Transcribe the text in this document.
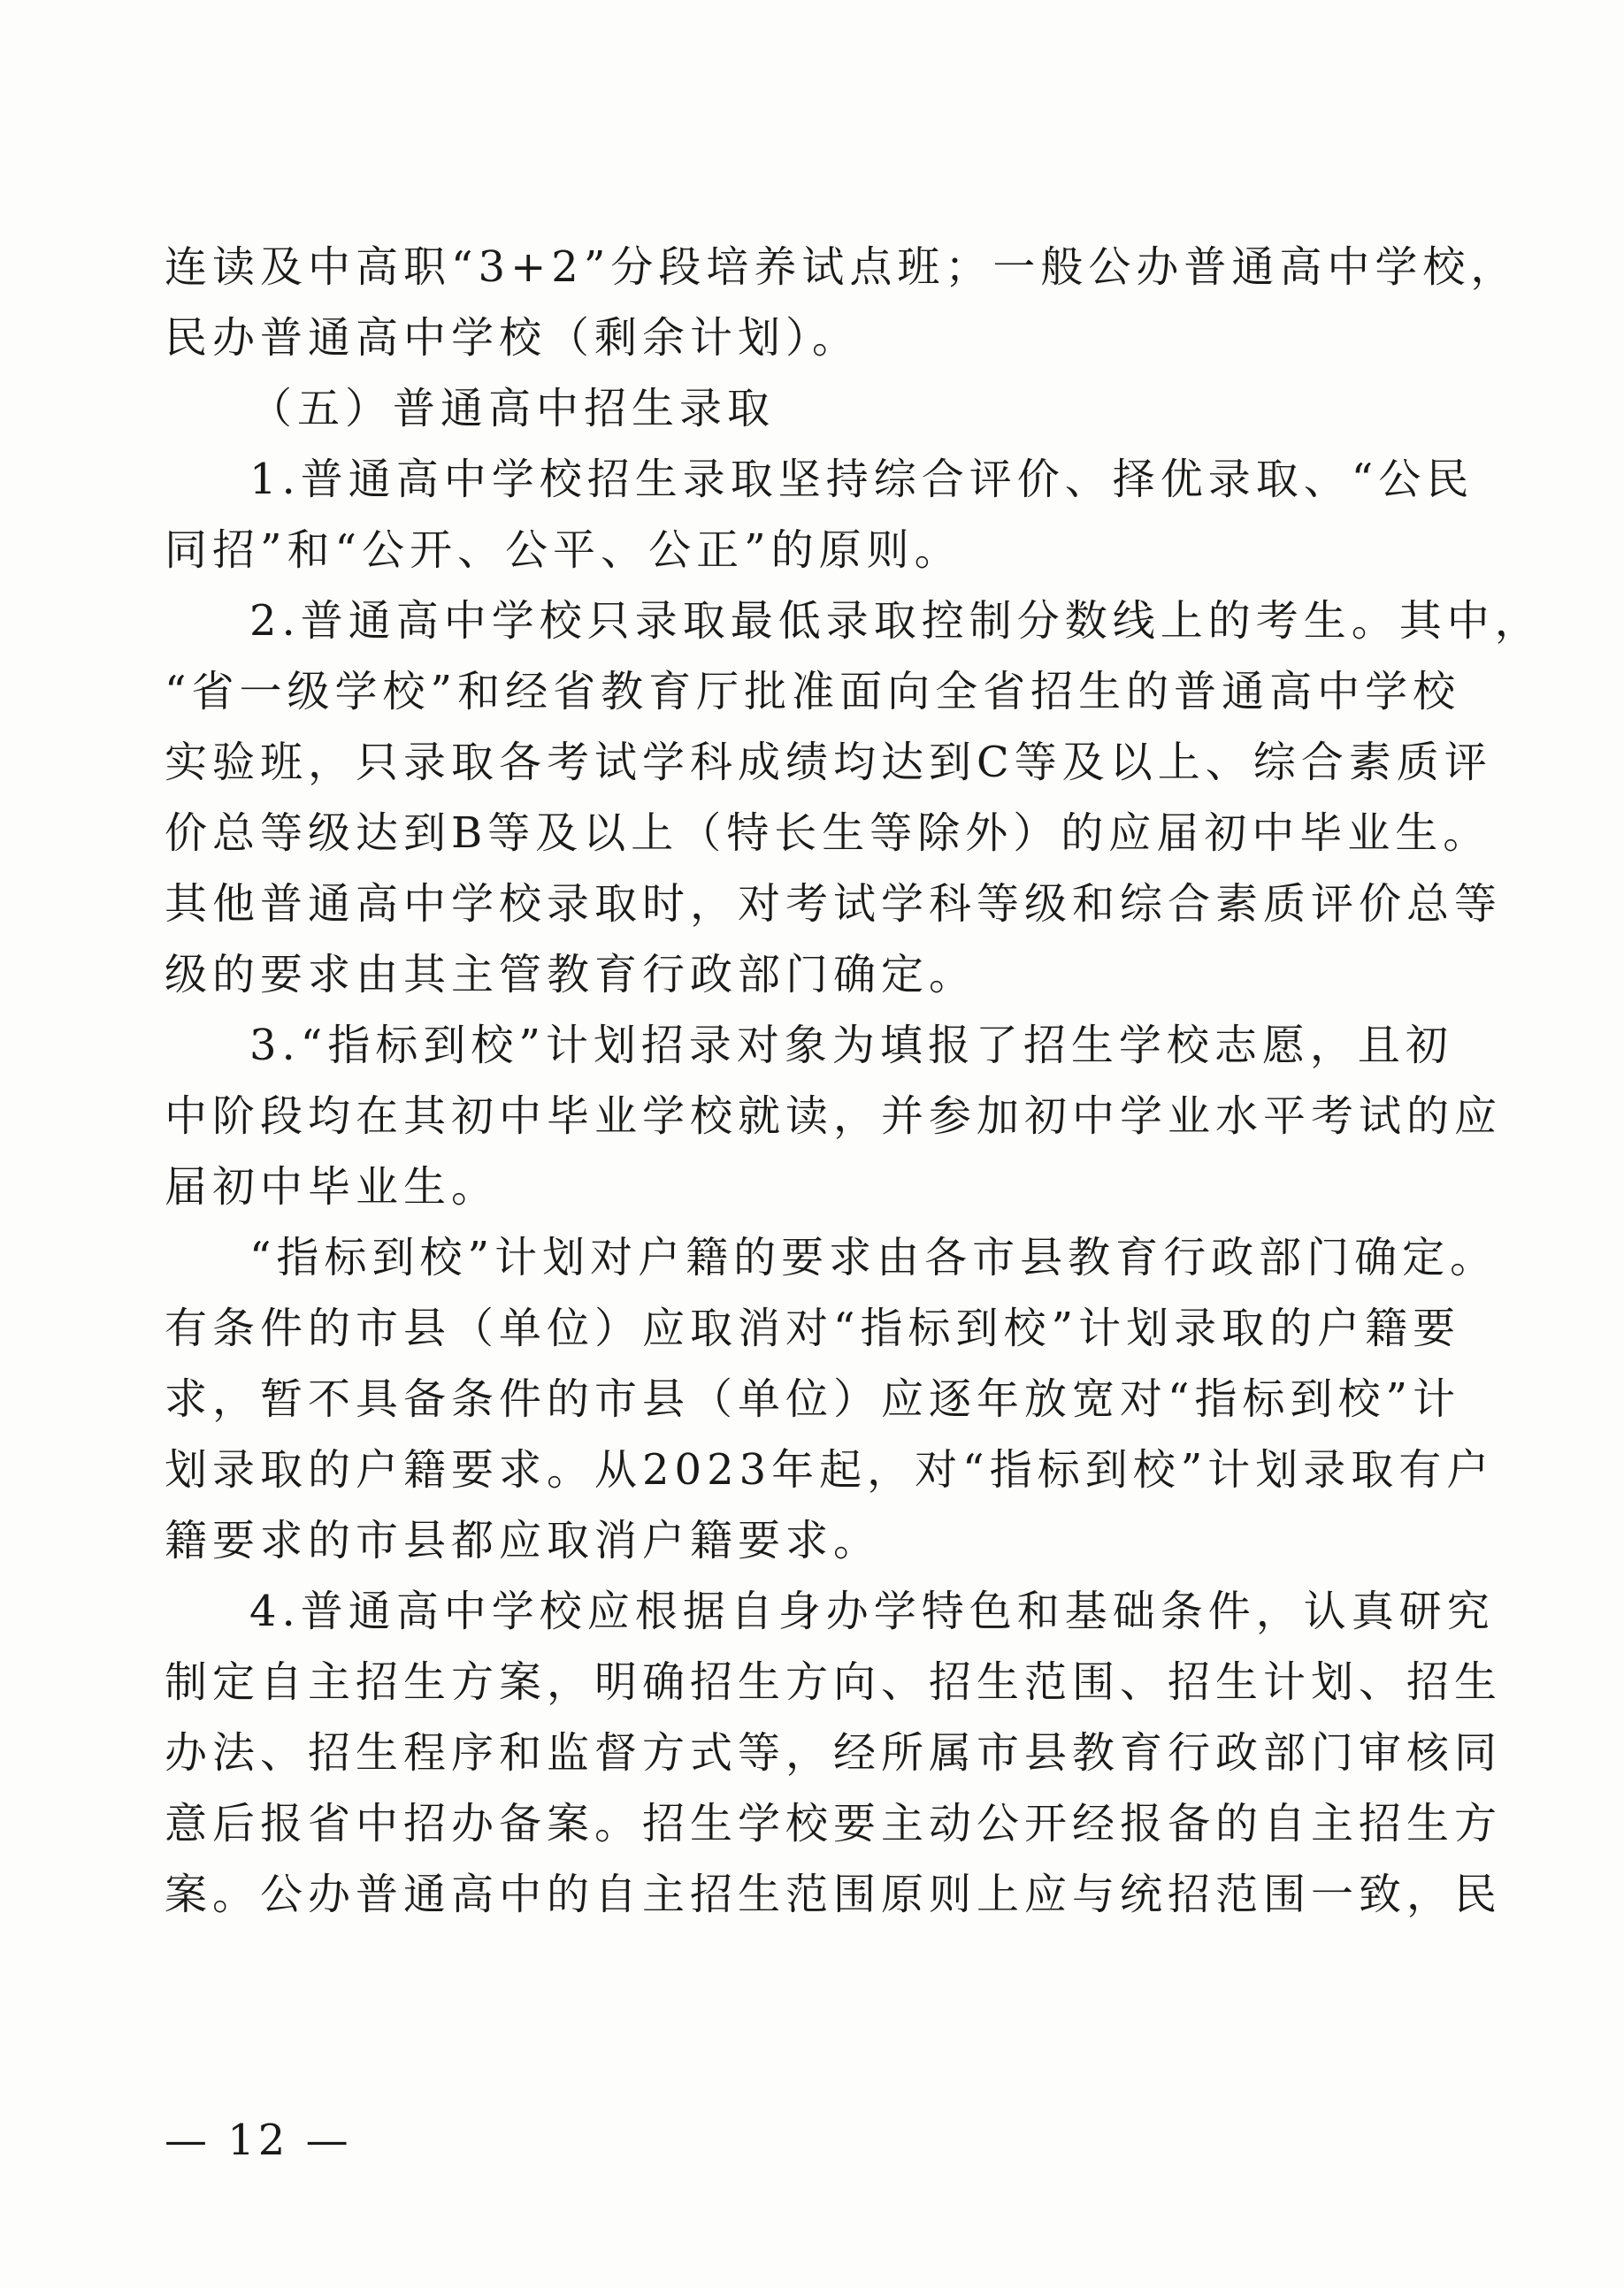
连读及中高职“3+2”分段培养试点班；一般公办普通高中学校，
民办普通高中学校（剩余计划）。
（五）普通高中招生录取
1.普通高中学校招生录取坚持综合评价、择优录取、“公民
同招”和“公开、公平、公正”的原则。
2.普通高中学校只录取最低录取控制分数线上的考生。其中，
“省一级学校”和经省教育厅批准面向全省招生的普通高中学校
实验班，只录取各考试学科成绩均达到C等及以上、综合素质评
价总等级达到B等及以上（特长生等除外）的应届初中毕业生。
其他普通高中学校录取时，对考试学科等级和综合素质评价总等
级的要求由其主管教育行政部门确定。
3.“指标到校”计划招录对象为填报了招生学校志愿，且初
中阶段均在其初中毕业学校就读，并参加初中学业水平考试的应
届初中毕业生。
“指标到校”计划对户籍的要求由各市县教育行政部门确定。
有条件的市县（单位）应取消对“指标到校”计划录取的户籍要
求，暂不具备条件的市县（单位）应逐年放宽对“指标到校”计
划录取的户籍要求。从2023年起，对“指标到校”计划录取有户
籍要求的市县都应取消户籍要求。
4.普通高中学校应根据自身办学特色和基础条件，认真研究
制定自主招生方案，明确招生方向、招生范围、招生计划、招生
办法、招生程序和监督方式等，经所属市县教育行政部门审核同
意后报省中招办备案。招生学校要主动公开经报备的自主招生方
案。公办普通高中的自主招生范围原则上应与统招范围一致，民
— 12 —
